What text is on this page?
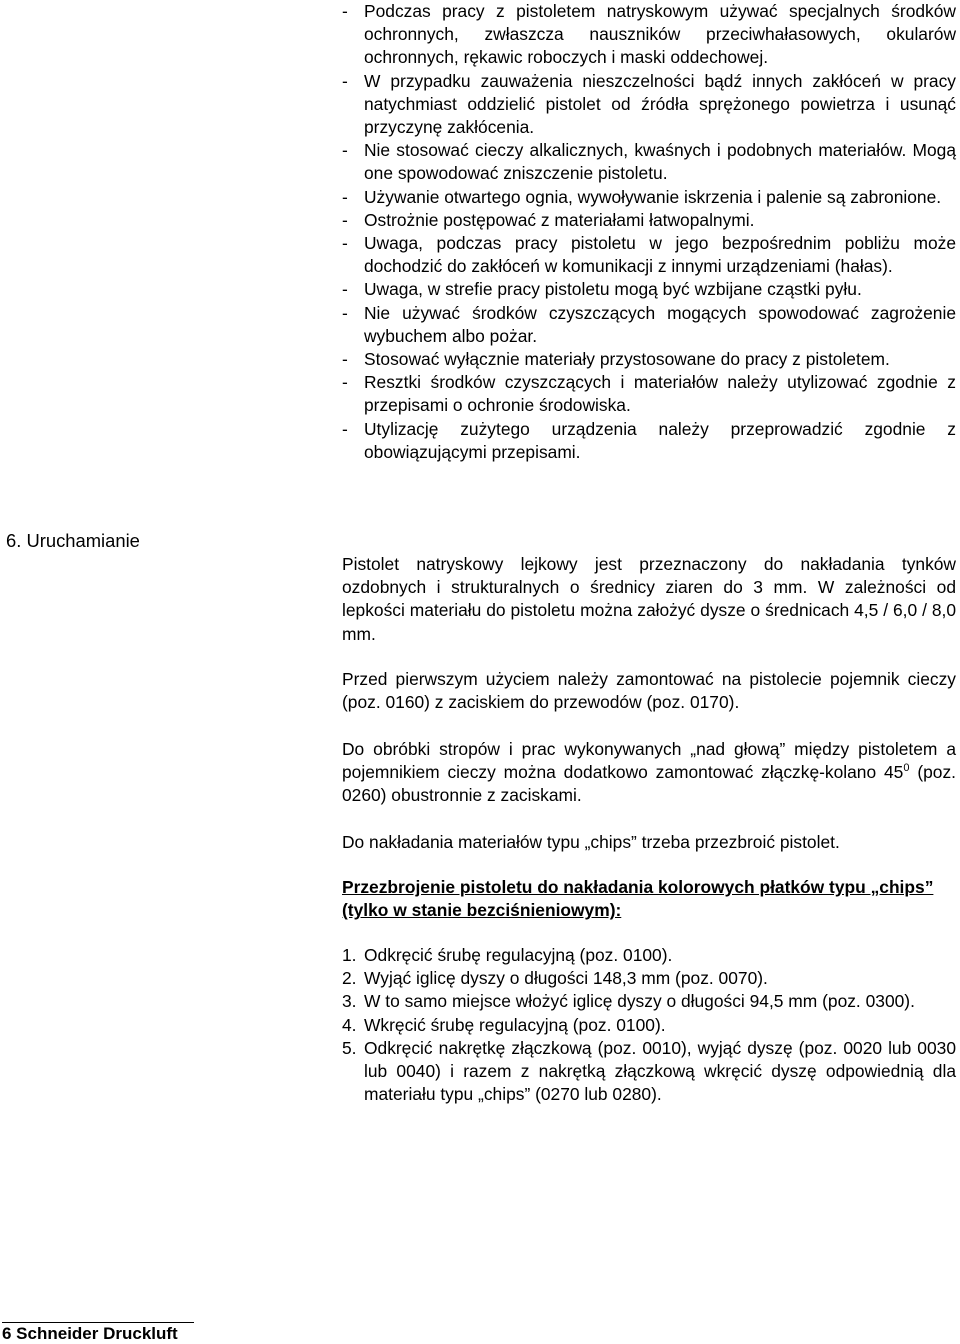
- Podczas pracy z pistoletem natryskowym używać specjalnych środków ochronnych, zwłaszcza nauszników przeciwhałasowych, okularów ochronnych, rękawic roboczych i maski oddechowej.
- W przypadku zauważenia nieszczelności bądź innych zakłóceń w pracy natychmiast oddzielić pistolet od źródła sprężonego powietrza i usunąć przyczynę zakłócenia.
- Nie stosować cieczy alkalicznych, kwaśnych i podobnych materiałów. Mogą one spowodować zniszczenie pistoletu.
- Używanie otwartego ognia, wywoływanie iskrzenia i palenie są zabronione.
- Ostrożnie postępować z materiałami łatwopalnymi.
- Uwaga, podczas pracy pistoletu w jego bezpośrednim pobliżu może dochodzić do zakłóceń w komunikacji z innymi urządzeniami (hałas).
- Uwaga, w strefie pracy pistoletu mogą być wzbijane cząstki pyłu.
- Nie używać środków czyszczących mogących spowodować zagrożenie wybuchem albo pożar.
- Stosować wyłącznie materiały przystosowane do pracy z pistoletem.
- Resztki środków czyszczących i materiałów należy utylizować zgodnie z przepisami o ochronie środowiska.
- Utylizację zużytego urządzenia należy przeprowadzić zgodnie z obowiązującymi przepisami.
6. Uruchamianie

Pistolet natryskowy lejkowy jest przeznaczony do nakładania tynków ozdobnych i strukturalnych o średnicy ziaren do 3 mm. W zależności od lepkości materiału do pistoletu można założyć dysze o średnicach 4,5 / 6,0 / 8,0 mm.

Przed pierwszym użyciem należy zamontować na pistolecie pojemnik cieczy (poz. 0160) z zaciskiem do przewodów (poz. 0170).

Do obróbki stropów i prac wykonywanych „nad głową” między pistoletem a pojemnikiem cieczy można dodatkowo zamontować złączkę-kolano $45^0$ (poz. 0260) obustronnie z zaciskami.

Do nakładania materiałów typu „chips” trzeba przezbroić pistolet.

Przezbrojenie pistoletu do nakładania kolorowych płatków typu „chips” (tylko w stanie bezciśnieniowym):

1. Odkręcić śrubę regulacyjną (poz. 0100).
2. Wyjąć iglicę dyszy o długości 148,3 mm (poz. 0070).
3. W to samo miejsce włożyć iglicę dyszy o długości 94,5 mm (poz. 0300).
4. Wkręcić śrubę regulacyjną (poz. 0100).
5. Odkręcić nakrętkę złączkową (poz. 0010), wyjąć dyszę (poz. 0020 lub 0030 lub 0040) i razem z nakrętką złączkową wkręcić dyszę odpowiednią dla materiału typu „chips” (0270 lub 0280).
6 Schneider Druckluft
